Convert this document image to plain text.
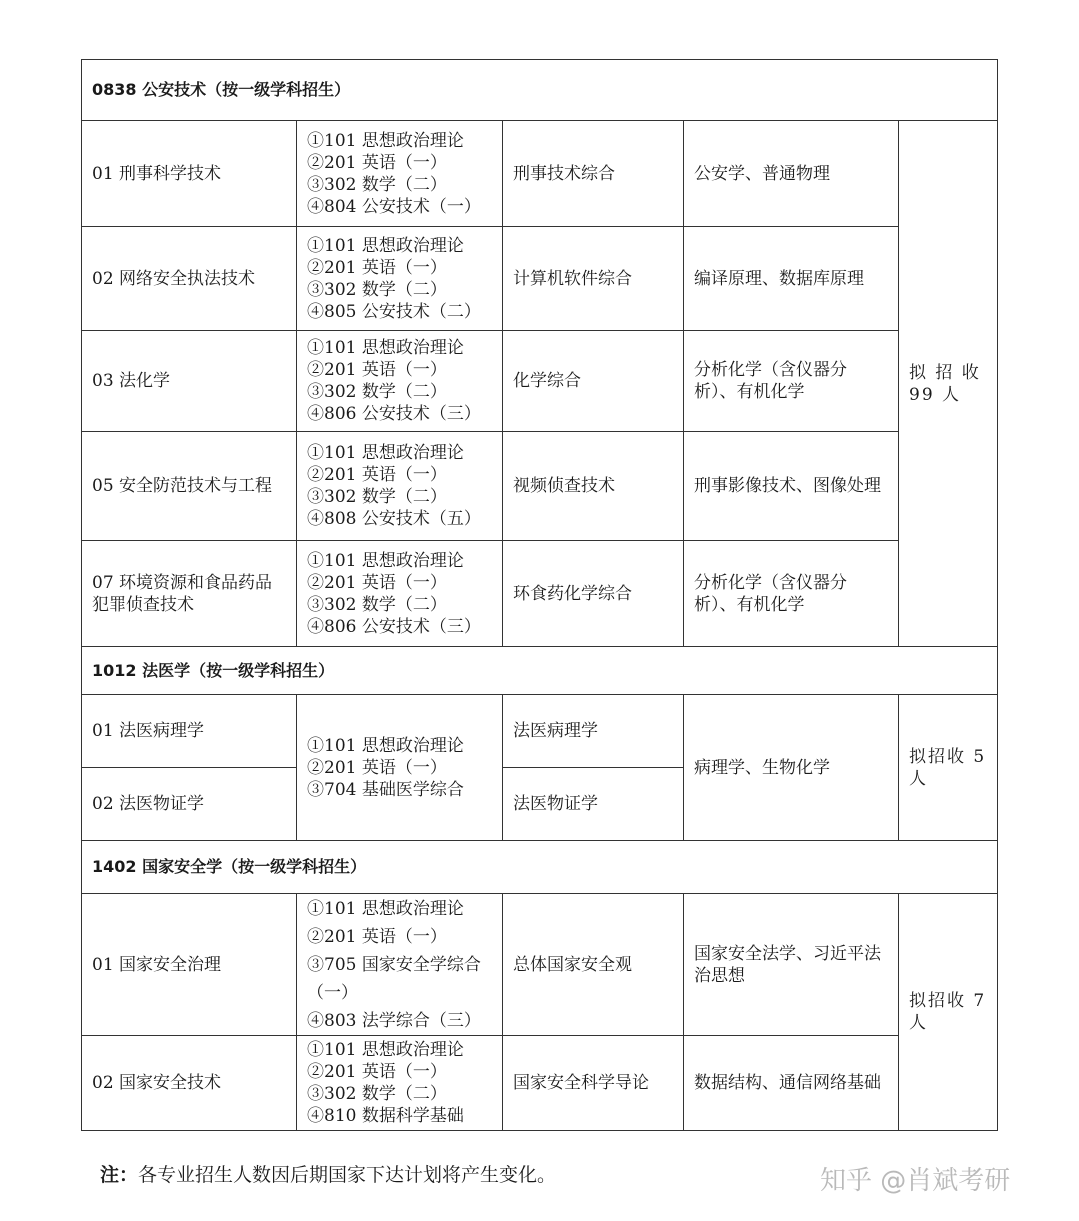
0838 公安技术（按一级学科招生）				
01 刑事科学技术	①101 思想政治理论
②201 英语（一）
③302 数学（二）
④804 公安技术（一）	刑事技术综合	公安学、普通物理	拟 招 收 99 人
02 网络安全执法技术	①101 思想政治理论
②201 英语（一）
③302 数学（二）
④805 公安技术（二）	计算机软件综合	编译原理、数据库原理	
03 法化学	①101 思想政治理论
②201 英语（一）
③302 数学（二）
④806 公安技术（三）	化学综合	分析化学（含仪器分析）、有机化学	
05 安全防范技术与工程	①101 思想政治理论
②201 英语（一）
③302 数学（二）
④808 公安技术（五）	视频侦查技术	刑事影像技术、图像处理	
07 环境资源和食品药品犯罪侦查技术	①101 思想政治理论
②201 英语（一）
③302 数学（二）
④806 公安技术（三）	环食药化学综合	分析化学（含仪器分析）、有机化学	
1012 法医学（按一级学科招生）				
01 法医病理学	①101 思想政治理论
②201 英语（一）
③704 基础医学综合	法医病理学	病理学、生物化学	拟招收 5 人
02 法医物证学		法医物证学		
1402 国家安全学（按一级学科招生）				
01 国家安全治理	①101 思想政治理论
②201 英语（一）
③705 国家安全学综合
（一）
④803 法学综合（三）	总体国家安全观	国家安全法学、习近平法治思想	拟招收 7 人
02 国家安全技术	①101 思想政治理论
②201 英语（一）
③302 数学（二）
④810 数据科学基础	国家安全科学导论	数据结构、通信网络基础	
注：各专业招生人数因后期国家下达计划将产生变化。	知乎 @肖斌考研
